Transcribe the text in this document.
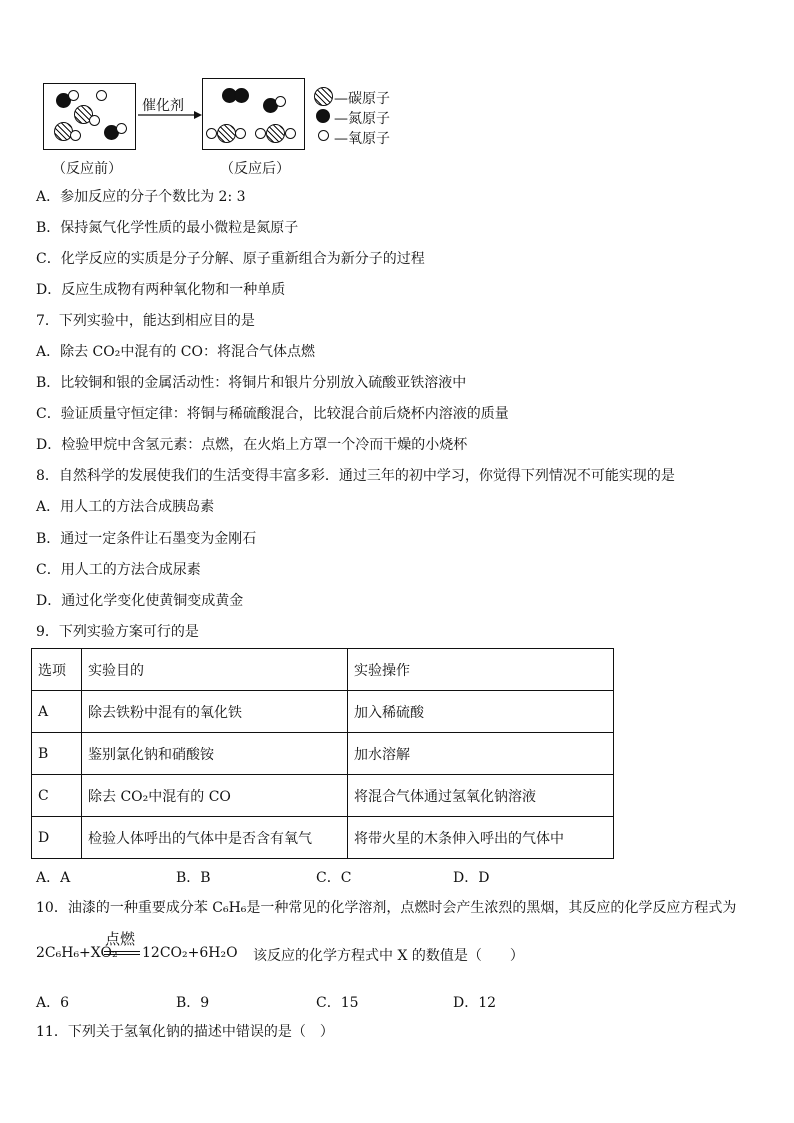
催化剂
（反应前）	（反应后）
—碳原子
—氮原子
—氧原子
A．参加反应的分子个数比为 2: 3
B．保持氮气化学性质的最小微粒是氮原子
C．化学反应的实质是分子分解、原子重新组合为新分子的过程
D．反应生成物有两种氧化物和一种单质
7．下列实验中，能达到相应目的是
A．除去 CO₂中混有的 CO：将混合气体点燃
B．比较铜和银的金属活动性：将铜片和银片分别放入硫酸亚铁溶液中
C．验证质量守恒定律：将铜与稀硫酸混合，比较混合前后烧杯内溶液的质量
D．检验甲烷中含氢元素：点燃，在火焰上方罩一个冷而干燥的小烧杯
8．自然科学的发展使我们的生活变得丰富多彩．通过三年的初中学习，你觉得下列情况不可能实现的是
A．用人工的方法合成胰岛素
B．通过一定条件让石墨变为金刚石
C．用人工的方法合成尿素
D．通过化学变化使黄铜变成黄金
9．下列实验方案可行的是
选项	实验目的	实验操作
A	除去铁粉中混有的氧化铁	加入稀硫酸
B	鉴别氯化钠和硝酸铵	加水溶解
C	除去 CO₂中混有的 CO	将混合气体通过氢氧化钠溶液
D	检验人体呼出的气体中是否含有氧气	将带火星的木条伸入呼出的气体中
A．A	B．B	C．C	D．D
10．油漆的一种重要成分苯 C₆H₆是一种常见的化学溶剂，点燃时会产生浓烈的黑烟，其反应的化学反应方程式为
2C₆H₆+XO₂
点燃
12CO₂+6H₂O 该反应的化学方程式中 X 的数值是（　　）
A．6	B．9	C．15	D．12
11．下列关于氢氧化钠的描述中错误的是（　）
